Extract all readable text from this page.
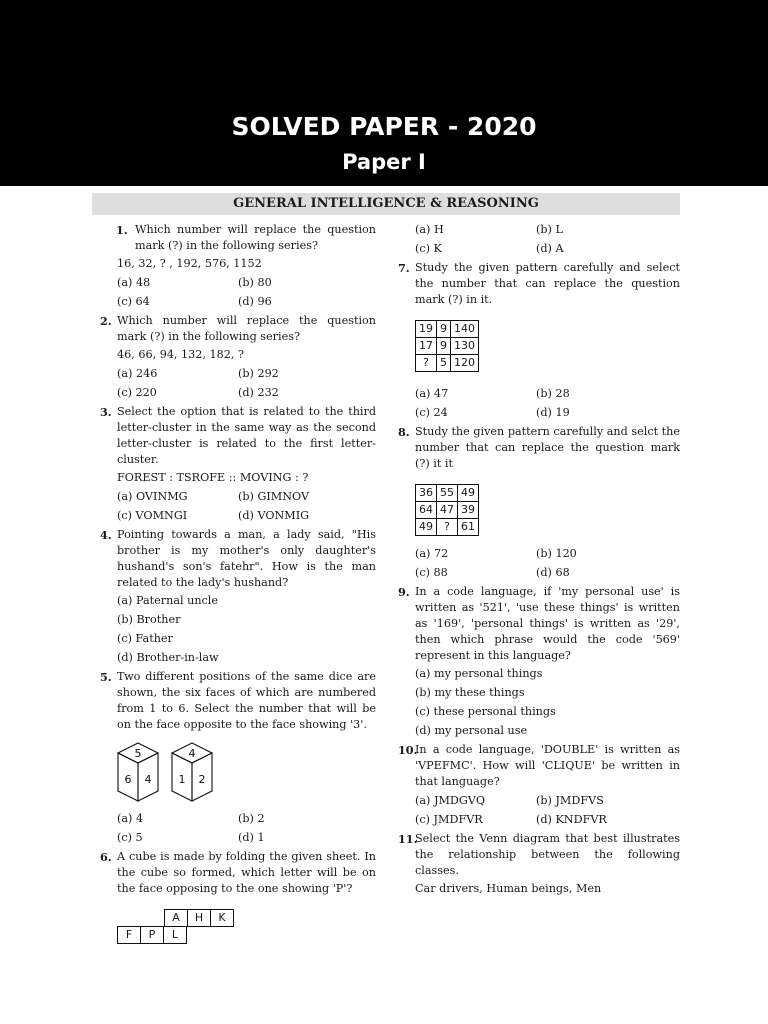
SOLVED PAPER - 2020
Paper I
GENERAL INTELLIGENCE & REASONING
1. Which number will replace the question mark (?) in the following series?
16, 32, ? , 192, 576, 1152
(a) 48	(b) 80
(c) 64	(d) 96
2. Which number will replace the question mark (?) in the following series?
46, 66, 94, 132, 182, ?
(a) 246	(b) 292
(c) 220	(d) 232
3. Select the option that is related to the third letter-cluster in the same way as the second letter-cluster is related to the first letter-cluster.
FOREST : TSROFE :: MOVING : ?
(a) OVINMG	(b) GIMNOV
(c) VOMNGI	(d) VONMIG
4. Pointing towards a man, a lady said, "His brother is my mother's only daughter's hushand's son's fatehr". How is the man related to the lady's hushand?
(a) Paternal uncle
(b) Brother
(c) Father
(d) Brother-in-law
5. Two different positions of the same dice are shown, the six faces of which are numbered from 1 to 6. Select the number that will be on the face opposite to the face showing '3'.
5
6 4
4
1 2
(a) 4	(b) 2
(c) 5	(d) 1
6. A cube is made by folding the given sheet. In the cube so formed, which letter will be on the face opposing to the one showing 'P'?
A	H	K
F	P	L
(a) H	(b) L
(c) K	(d) A
7. Study the given pattern carefully and select the number that can replace the question mark (?) in it.
19	9	140
17	9	130
?	5	120
(a) 47	(b) 28
(c) 24	(d) 19
8. Study the given pattern carefully and selct the number that can replace the question mark (?) it it
36	55	49
64	47	39
49	?	61
(a) 72	(b) 120
(c) 88	(d) 68
9. In a code language, if 'my personal use' is written as '521', 'use these things' is written as '169', 'personal things' is written as '29', then which phrase would the code '569' represent in this language?
(a) my personal things
(b) my these things
(c) these personal things
(d) my personal use
10.
In a code language, 'DOUBLE' is written as 'VPEFMC'. How will 'CLIQUE' be written in that language?
(a) JMDGVQ	(b) JMDFVS
(c) JMDFVR	(d) KNDFVR
11.
Select the Venn diagram that best illustrates the relationship between the following classes.
Car drivers, Human beings, Men
